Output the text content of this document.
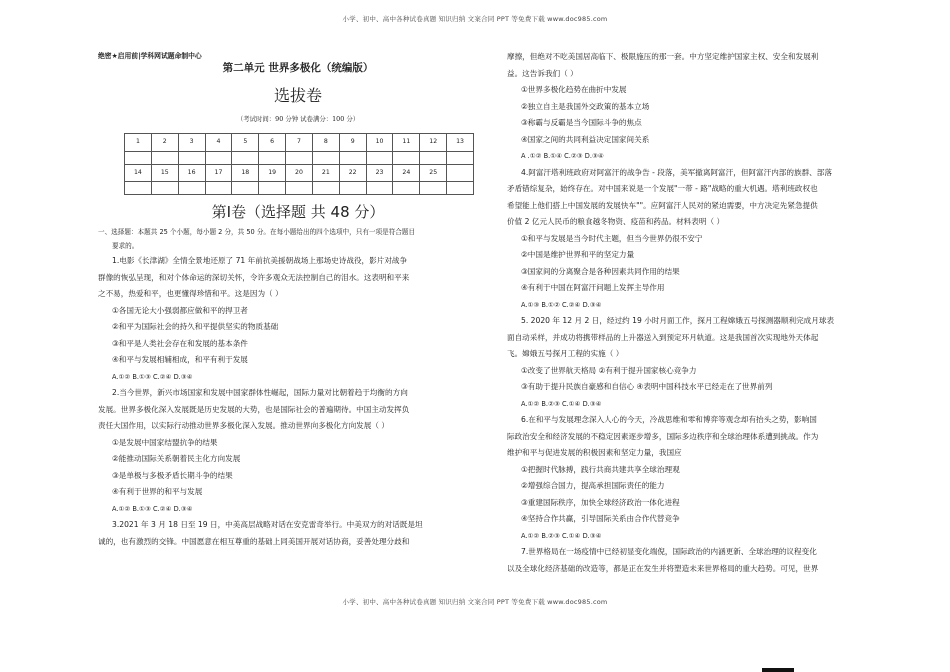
小学、初中、高中各种试卷真题 知识归纳 文案合同 PPT 等免费下载 www.doc985.com
绝密★启用前|学科网试题命制中心
第二单元 世界多极化（统编版）
选拔卷
（考试时间：90 分钟 试卷满分：100 分）
1	2	3	4	5	6	7	8	9	10	11	12	13

14	15	16	17	18	19	20	21	22	23	24	25	

第Ⅰ卷（选择题 共 48 分）
一、选择题：本题共 25 个小题，每小题 2 分，共 50 分。在每小题给出的四个选项中，只有一项是符合题目
要求的。

1.电影《长津湖》全情全景地还原了 71 年前抗美援朝战场上那场史诗战役，影片对战争

群像的恢弘呈现，和对个体命运的深切关怀，令许多观众无法控制自己的泪水。这表明和平来

之不易，热爱和平，也更懂得珍惜和平。这是因为（ ）

①各国无论大小强弱都应做和平的捍卫者

②和平为国际社会的持久和平提供坚实的物质基础

③和平是人类社会存在和发展的基本条件

④和平与发展相辅相成，和平有利于发展

A.①② B.①③ C.②④ D.③④

2.当今世界，新兴市场国家和发展中国家群体性崛起，国际力量对比朝着趋于均衡的方向

发展。世界多极化深入发展既是历史发展的大势，也是国际社会的普遍期待。中国主动发挥负

责任大国作用，以实际行动推动世界多极化深入发展。推动世界向多极化方向发展（ ）

①是发展中国家结盟抗争的结果

②能推动国际关系朝着民主化方向发展

③是单极与多极矛盾长期斗争的结果

④有利于世界的和平与发展

A.①② B.①③ C.②④ D.③④

3.2021 年 3 月 18 日至 19 日，中美高层战略对话在安克雷奇举行。中美双方的对话既是坦

诚的，也有激烈的交锋。中国愿意在相互尊重的基础上同美国开展对话协商，妥善处理分歧和

摩擦，但绝对不吃美国居高临下、极限施压的那一套。中方坚定维护国家主权、安全和发展利

益。这告诉我们（ ）

①世界多极化趋势在曲折中发展

②独立自主是我国外交政策的基本立场

③称霸与反霸是当今国际斗争的焦点

④国家之间的共同利益决定国家间关系

A .①② B.①④ C.②③ D.③④

4.阿富汗塔利班政府对阿富汗的战争告 - 段落，美军撤离阿富汗，但阿富汗内部的族群、部落

矛盾错综复杂，始终存在。对中国来说是一个发展"一带 - 路"战略的重大机遇。塔利班政权也

希望能上他们搭上中国发展的发展快车""。应阿富汗人民对的紧迫需要，中方决定先紧急提供

价值 2 亿元人民币的粮食越冬物资、疫苗和药品。材料表明（ ）

①和平与发展是当今时代主题，但当今世界仍很不安宁

②中国是维护世界和平的坚定力量

③国家间的分离聚合是各种因素共同作用的结果

④有利于中国在阿富汗问题上发挥主导作用

A.①③ B.①② C.②④ D.③④

5. 2020 年 12 月 2 日，经过约 19 小时月面工作，探月工程嫦娥五号探测器顺利完成月球表

面自动采样，并成功将携带样品的上升器送入到预定环月轨道。这是我国首次实现地外天体起

飞。嫦娥五号探月工程的实施（ ）

①改变了世界航天格局 ②有利于提升国家核心竞争力

③有助于提升民族自豪感和自信心 ④表明中国科技水平已经走在了世界前列

A.①② B.②③ C.①④ D.③④

6.在和平与发展理念深入人心的今天，冷战思维和零和博弈等观念却有抬头之势，影响国

际政治安全和经济发展的不稳定因素逐步增多，国际多边秩序和全球治理体系遭到挑战。作为

维护和平与促进发展的积极因素和坚定力量，我国应

①把握时代脉搏，践行共商共建共享全球治理观

②增强综合国力，提高承担国际责任的能力

③重建国际秩序，加快全球经济政治一体化进程

④坚持合作共赢，引导国际关系由合作代替竞争

A.①② B.②③ C.①④ D.③④

7.世界格局在一场疫情中已经初显变化端倪，国际政治的内涵更新、全球治理的议程变化

以及全球化经济基础的改造等，都是正在发生并将塑造未来世界格局的重大趋势。可见，世界

小学、初中、高中各种试卷真题 知识归纳 文案合同 PPT 等免费下载 www.doc985.com
